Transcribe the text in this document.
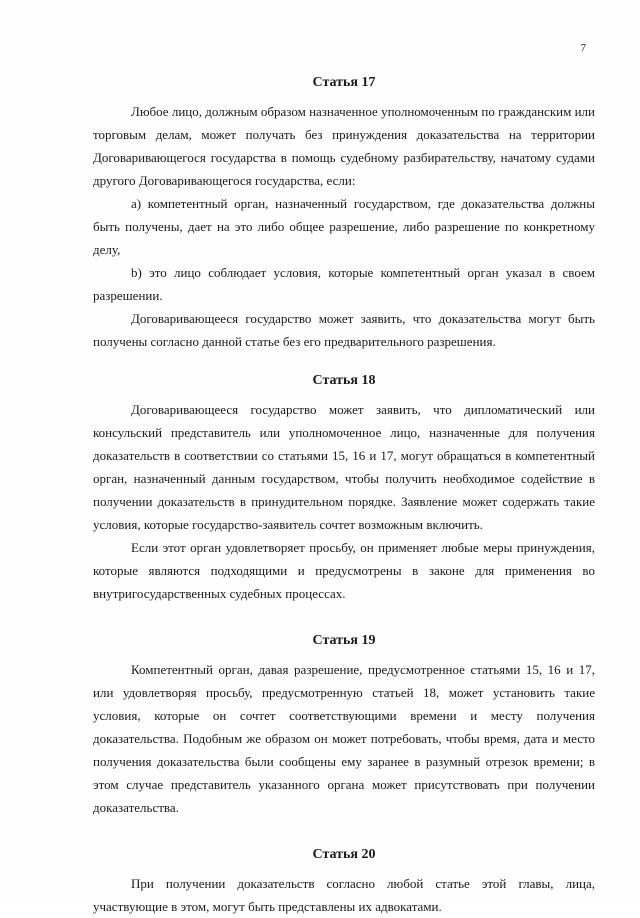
7
Статья 17

Любое лицо, должным образом назначенное уполномоченным по гражданским или торговым делам, может получать без принуждения доказательства на территории Договаривающегося государства в помощь судебному разбирательству, начатому судами другого Договаривающегося государства, если:

а) компетентный орган, назначенный государством, где доказательства должны быть получены, дает на это либо общее разрешение, либо разрешение по конкретному делу,

b) это лицо соблюдает условия, которые компетентный орган указал в своем разрешении.

Договаривающееся государство может заявить, что доказательства могут быть получены согласно данной статье без его предварительного разрешения.

Статья 18

Договаривающееся государство может заявить, что дипломатический или консульский представитель или уполномоченное лицо, назначенные для получения доказательств в соответствии со статьями 15, 16 и 17, могут обращаться в компетентный орган, назначенный данным государством, чтобы получить необходимое содействие в получении доказательств в принудительном порядке. Заявление может содержать такие условия, которые государство-заявитель сочтет возможным включить.

Если этот орган удовлетворяет просьбу, он применяет любые меры принуждения, которые являются подходящими и предусмотрены в законе для применения во внутригосударственных судебных процессах.

Статья 19

Компетентный орган, давая разрешение, предусмотренное статьями 15, 16 и 17, или удовлетворяя просьбу, предусмотренную статьей 18, может установить такие условия, которые он сочтет соответствующими времени и месту получения доказательства. Подобным же образом он может потребовать, чтобы время, дата и место получения доказательства были сообщены ему заранее в разумный отрезок времени; в этом случае представитель указанного органа может присутствовать при получении доказательства.

Статья 20

При получении доказательств согласно любой статье этой главы, лица, участвующие в этом, могут быть представлены их адвокатами.
